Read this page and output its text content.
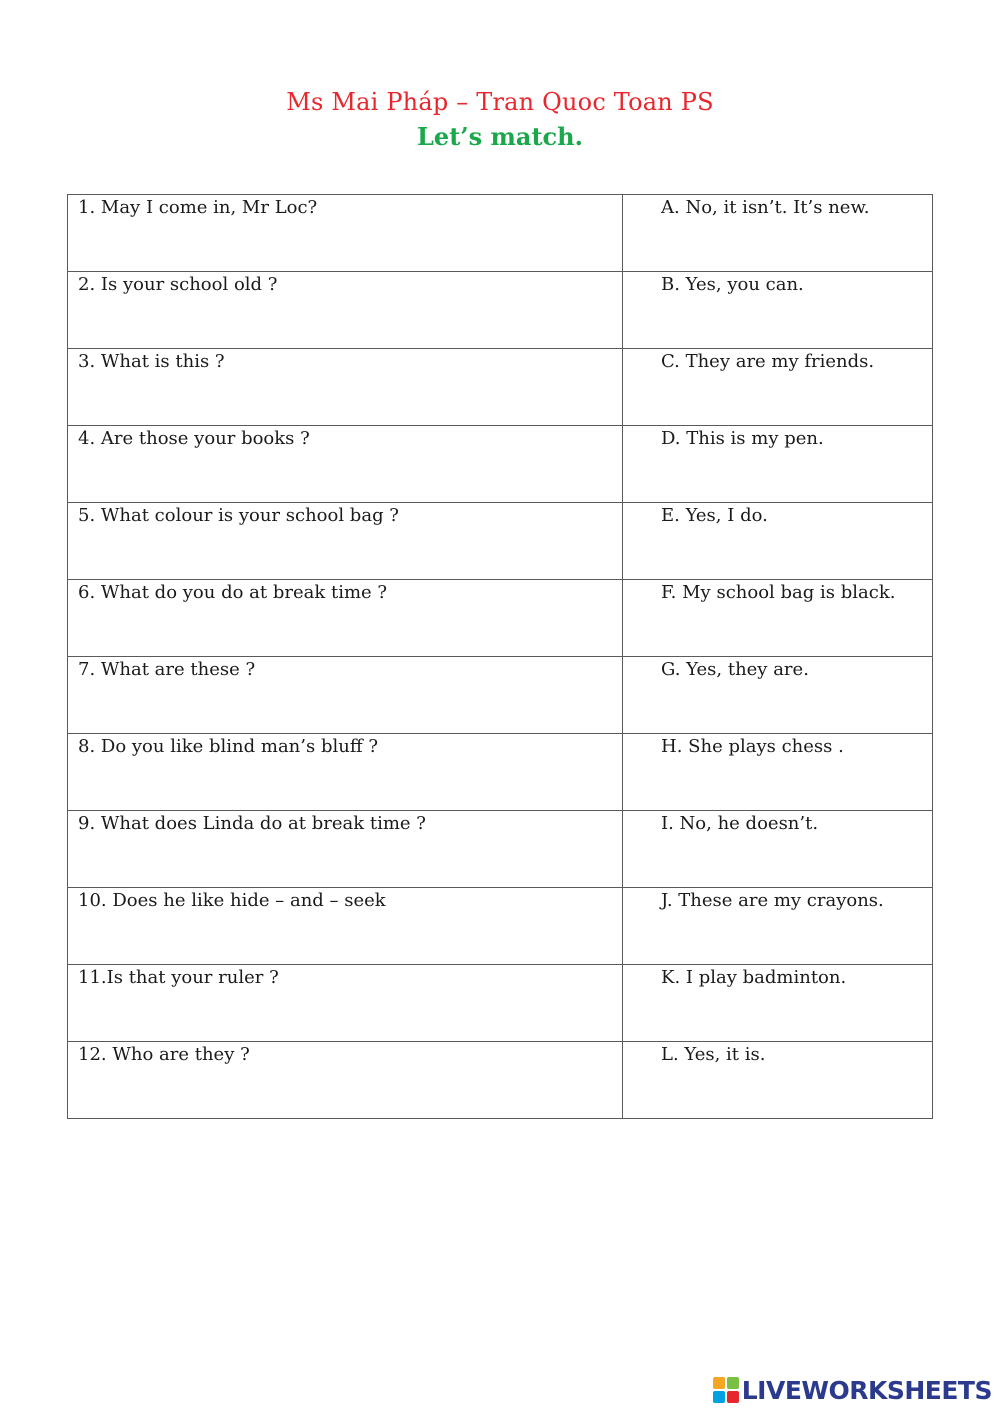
Ms Mai Pháp – Tran Quoc Toan PS
Let’s match.
1. May I come in, Mr Loc?	A. No, it isn’t. It’s new.

2. Is your school old ?	B. Yes, you can.

3. What is this ?	C. They are my friends.

4. Are those your books ?	D. This is my pen.

5. What colour is your school bag ?	E. Yes, I do.

6. What do you do at break time ?	F. My school bag is black.

7. What are these ?	G. Yes, they are.

8. Do you like blind man’s bluff ?	H. She plays chess .

9. What does Linda do at break time ?	I. No, he doesn’t.

10. Does he like hide – and – seek	J. These are my crayons.

11.Is that your ruler ?	K. I play badminton.

12. Who are they ?	L. Yes, it is.
LIVEWORKSHEETS
